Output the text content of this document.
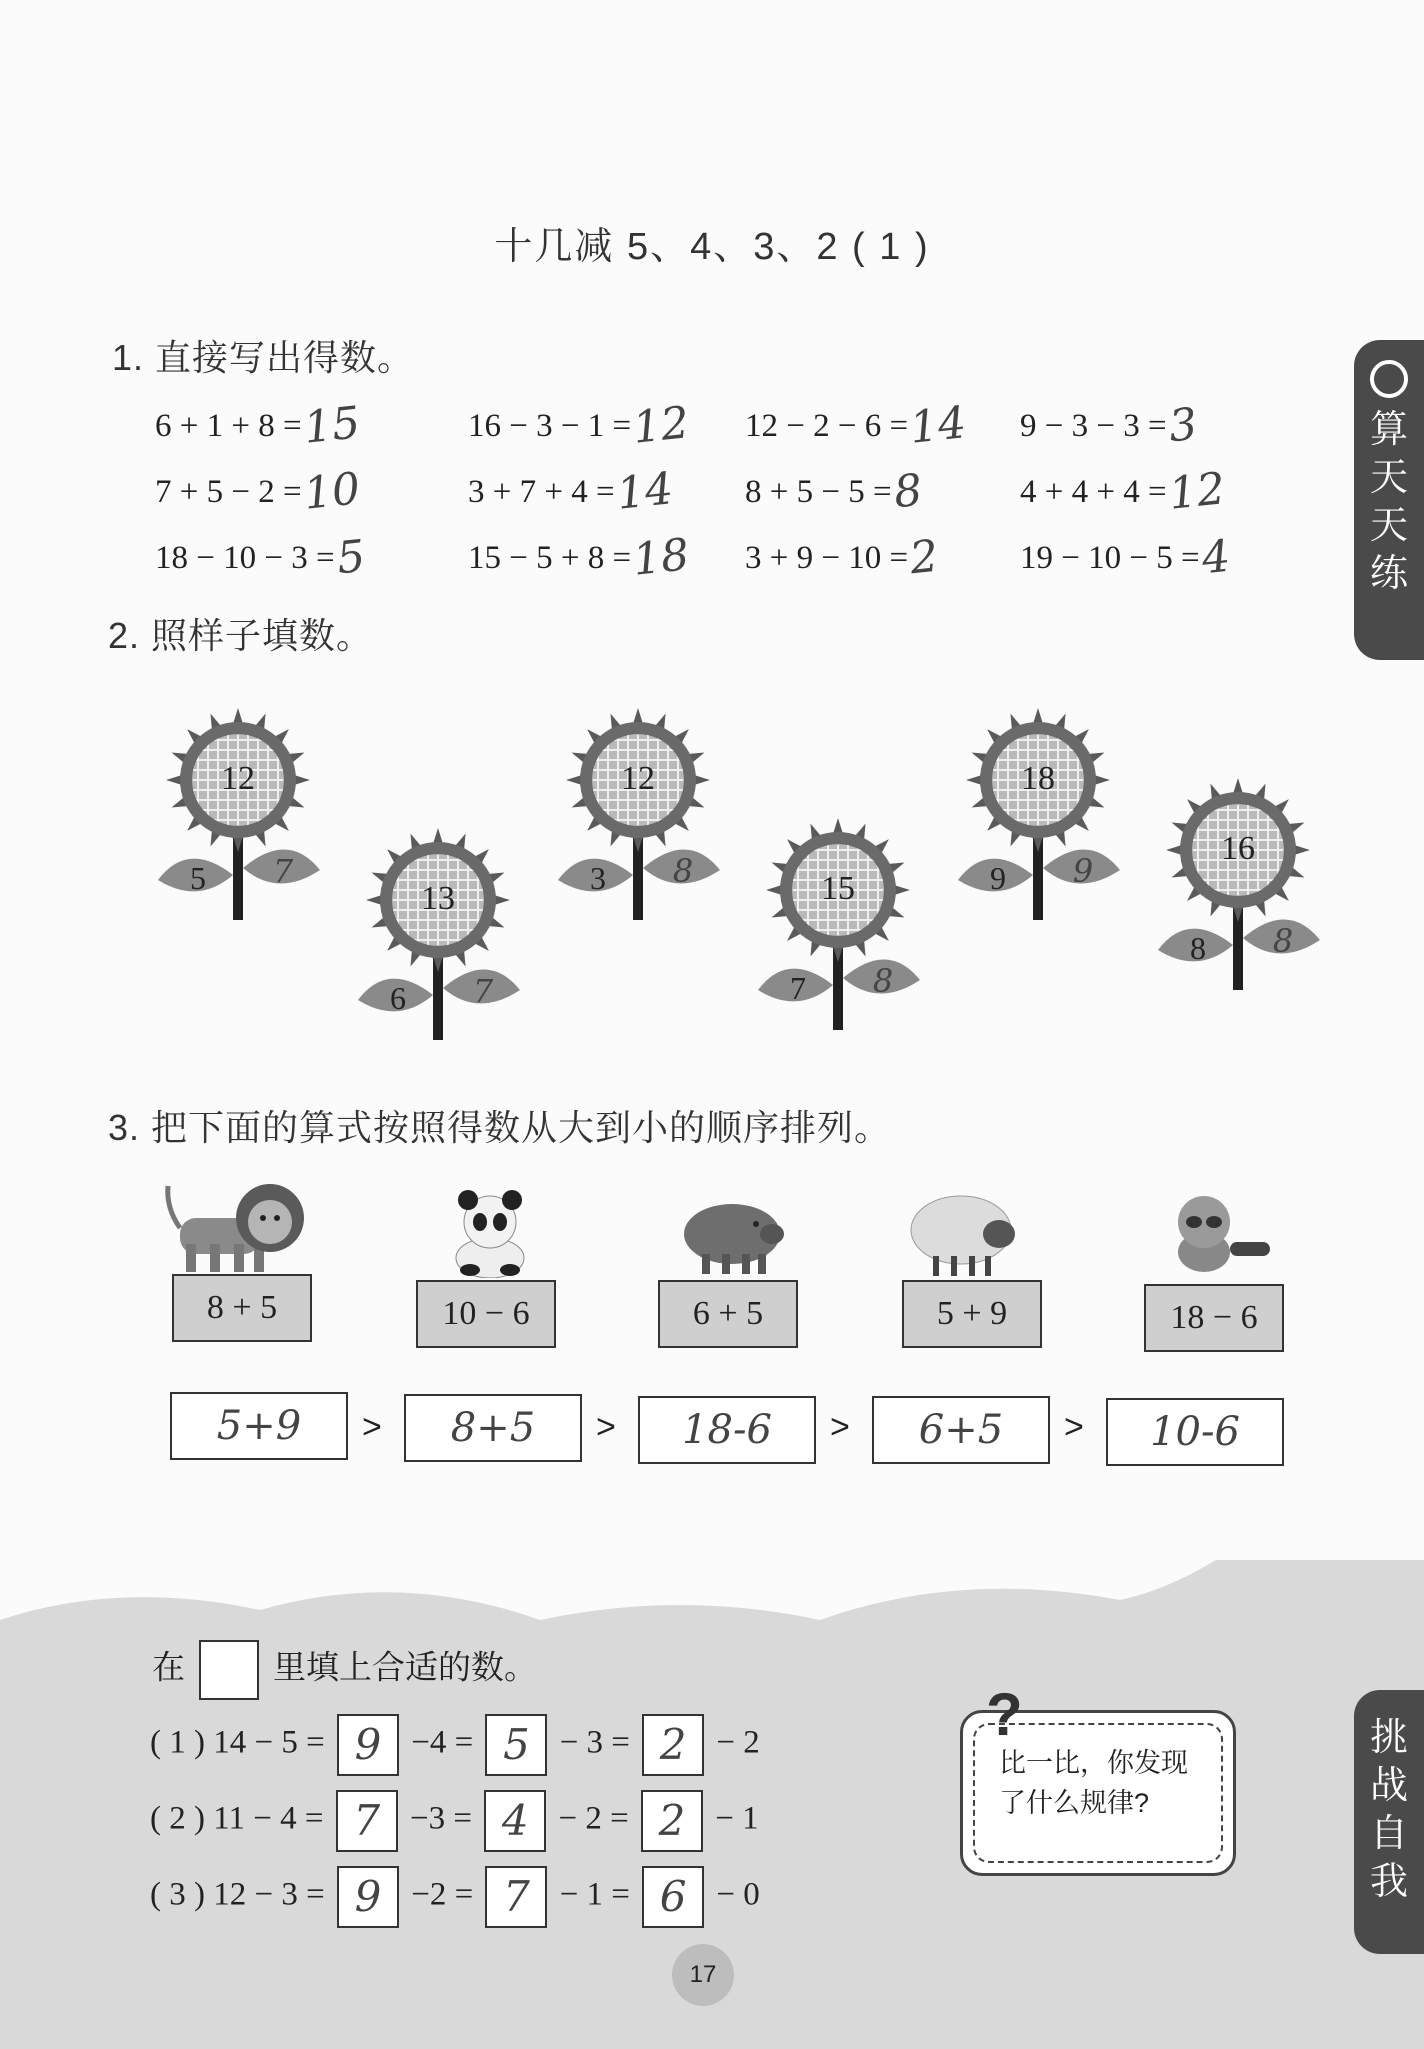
十几减 5、4、3、2 ( 1 )
算
天
天
练
1. 直接写出得数。
6 + 1 + 8 =15	16 − 3 − 1 =12 12 − 2 − 6 =14 9 − 3 − 3 =3
7 + 5 − 2 =10	3 + 7 + 4 =14 8 + 5 − 5 =8	4 + 4 + 4 =12
18 − 10 − 3 =5	15 − 5 + 8 =18 3 + 9 − 10 =2 19 − 10 − 5 =4
2. 照样子填数。
12
5	7
13
6	7
12
3	8	15
7	8
18
9	9
16
8	8
3. 把下面的算式按照得数从大到小的顺序排列。
8 + 5	10 − 6	6 + 5	5 + 9	18 − 6
5+9	>	8+5	>	18-6	>	6+5	>	10-6
挑
战
自
我
在	里填上合适的数。
( 1 ) 14 − 5 = 9 −4 = 5 − 3 = 2 − 2
( 2 ) 11 − 4 = 7 −3 = 4 − 2 = 2 − 1
( 3 ) 12 − 3 = 9 −2 = 7 − 1 = 6 − 0
比一比，你发现了什么规律?
?
17
